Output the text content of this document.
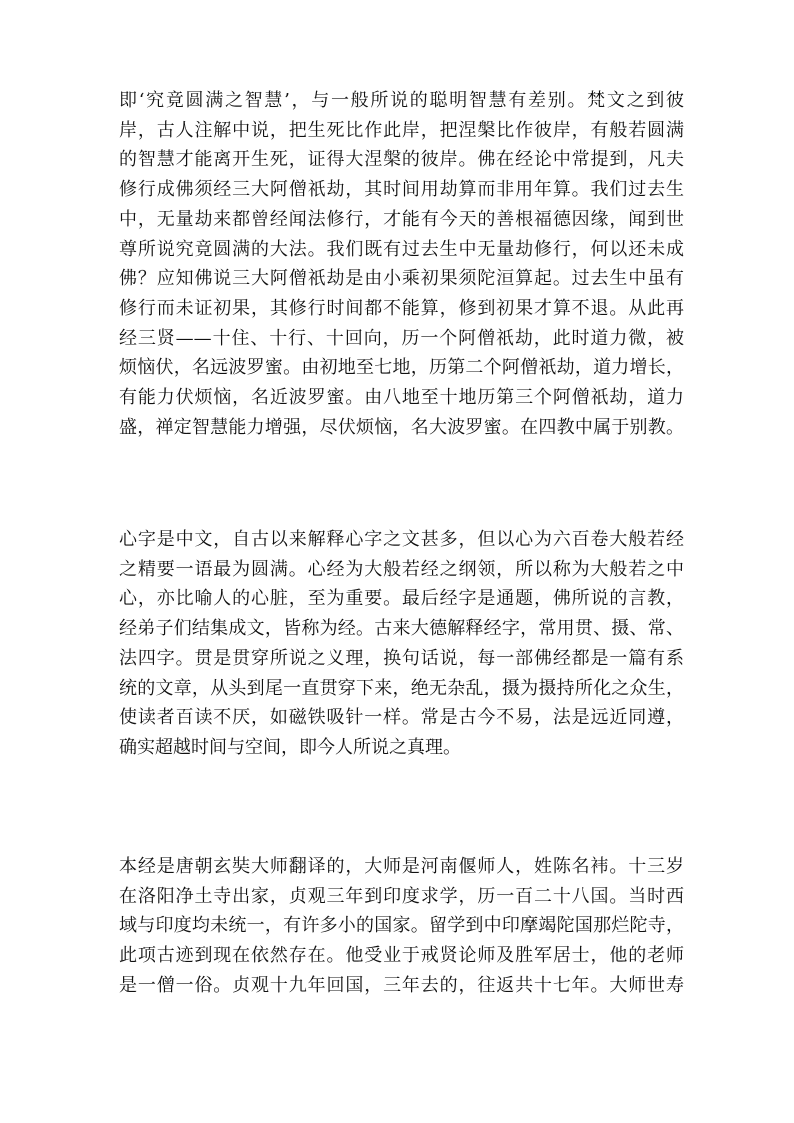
即‘究竟圆满之智慧’，与一般所说的聪明智慧有差别。梵文之到彼
岸，古人注解中说，把生死比作此岸，把涅槃比作彼岸，有般若圆满
的智慧才能离开生死，证得大涅槃的彼岸。佛在经论中常提到，凡夫
修行成佛须经三大阿僧祇劫，其时间用劫算而非用年算。我们过去生
中，无量劫来都曾经闻法修行，才能有今天的善根福德因缘，闻到世
尊所说究竟圆满的大法。我们既有过去生中无量劫修行，何以还未成
佛？应知佛说三大阿僧祇劫是由小乘初果须陀洹算起。过去生中虽有
修行而未证初果，其修行时间都不能算，修到初果才算不退。从此再
经三贤——十住、十行、十回向，历一个阿僧祇劫，此时道力微，被
烦恼伏，名远波罗蜜。由初地至七地，历第二个阿僧祇劫，道力增长，
有能力伏烦恼，名近波罗蜜。由八地至十地历第三个阿僧祇劫，道力
盛，禅定智慧能力增强，尽伏烦恼，名大波罗蜜。在四教中属于别教。
心字是中文，自古以来解释心字之文甚多，但以心为六百卷大般若经
之精要一语最为圆满。心经为大般若经之纲领，所以称为大般若之中
心，亦比喻人的心脏，至为重要。最后经字是通题，佛所说的言教，
经弟子们结集成文，皆称为经。古来大德解释经字，常用贯、摄、常、
法四字。贯是贯穿所说之义理，换句话说，每一部佛经都是一篇有系
统的文章，从头到尾一直贯穿下来，绝无杂乱，摄为摄持所化之众生，
使读者百读不厌，如磁铁吸针一样。常是古今不易，法是远近同遵，
确实超越时间与空间，即今人所说之真理。
本经是唐朝玄奘大师翻译的，大师是河南偃师人，姓陈名袆。十三岁
在洛阳净土寺出家，贞观三年到印度求学，历一百二十八国。当时西
域与印度均未统一，有许多小的国家。留学到中印摩竭陀国那烂陀寺，
此项古迹到现在依然存在。他受业于戒贤论师及胜军居士，他的老师
是一僧一俗。贞观十九年回国，三年去的，往返共十七年。大师世寿
